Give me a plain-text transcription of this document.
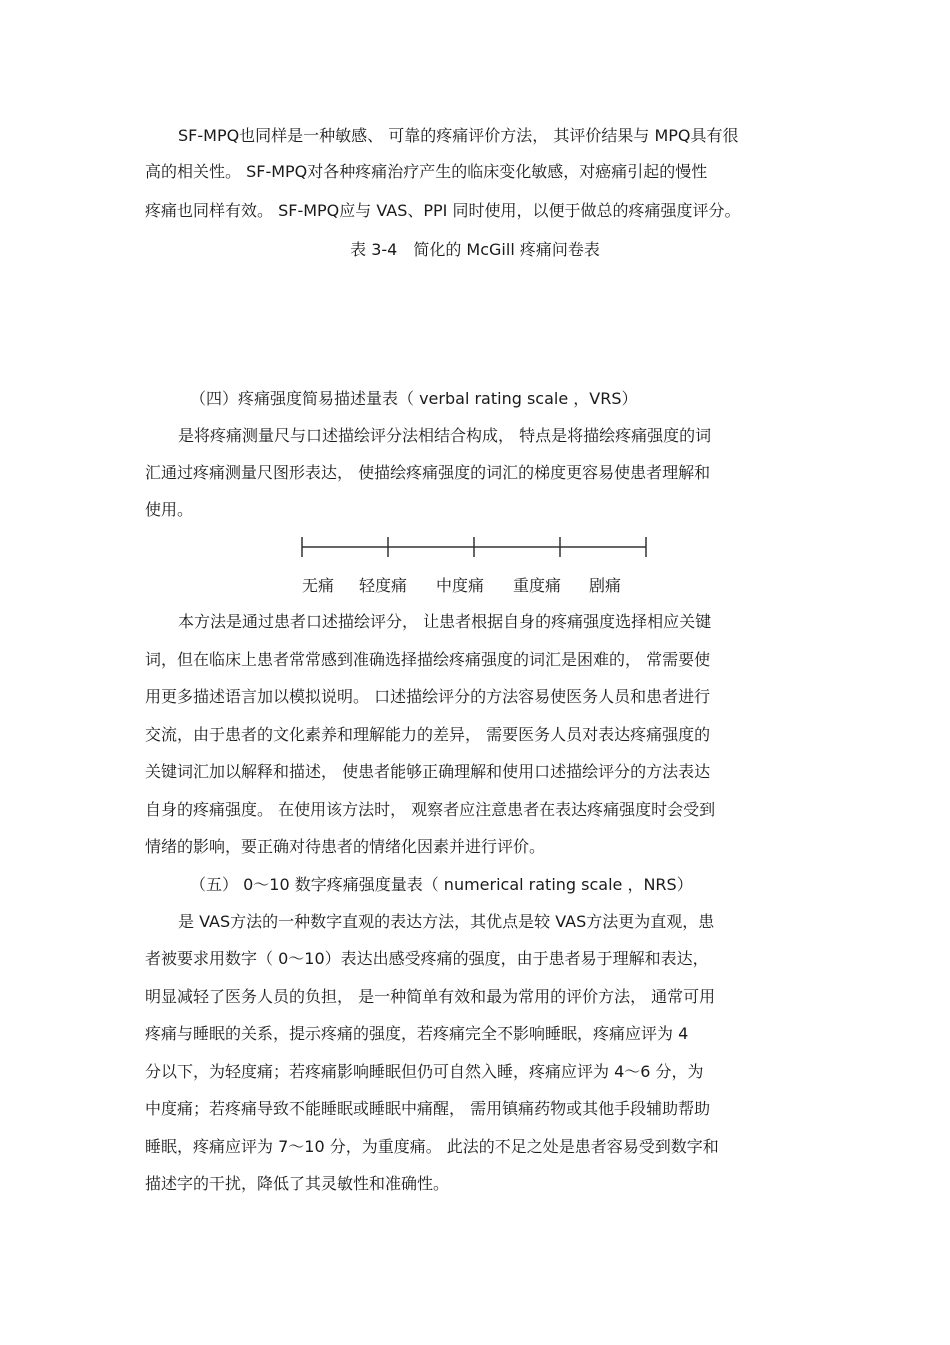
SF-MPQ也同样是一种敏感、 可靠的疼痛评价方法， 其评价结果与 MPQ具有很
高的相关性。 SF-MPQ对各种疼痛治疗产生的临床变化敏感，对癌痛引起的慢性
疼痛也同样有效。 SF-MPQ应与 VAS、PPI 同时使用，以便于做总的疼痛强度评分。
表 3-4　简化的 McGill 疼痛问卷表
（四）疼痛强度简易描述量表（ verbal rating scale ，VRS）
是将疼痛测量尺与口述描绘评分法相结合构成， 特点是将描绘疼痛强度的词
汇通过疼痛测量尺图形表达， 使描绘疼痛强度的词汇的梯度更容易使患者理解和
使用。
无痛 轻度痛 中度痛 重度痛 剧痛
本方法是通过患者口述描绘评分， 让患者根据自身的疼痛强度选择相应关键
词，但在临床上患者常常感到准确选择描绘疼痛强度的词汇是困难的， 常需要使
用更多描述语言加以模拟说明。 口述描绘评分的方法容易使医务人员和患者进行
交流，由于患者的文化素养和理解能力的差异， 需要医务人员对表达疼痛强度的
关键词汇加以解释和描述， 使患者能够正确理解和使用口述描绘评分的方法表达
自身的疼痛强度。 在使用该方法时， 观察者应注意患者在表达疼痛强度时会受到
情绪的影响，要正确对待患者的情绪化因素并进行评价。
（五） 0～10 数字疼痛强度量表（ numerical rating scale ，NRS）
是 VAS方法的一种数字直观的表达方法，其优点是较 VAS方法更为直观，患
者被要求用数字（ 0～10）表达出感受疼痛的强度，由于患者易于理解和表达，
明显减轻了医务人员的负担， 是一种简单有效和最为常用的评价方法， 通常可用
疼痛与睡眠的关系，提示疼痛的强度，若疼痛完全不影响睡眠，疼痛应评为 4
分以下，为轻度痛；若疼痛影响睡眠但仍可自然入睡，疼痛应评为 4～6 分，为
中度痛；若疼痛导致不能睡眠或睡眠中痛醒， 需用镇痛药物或其他手段辅助帮助
睡眠，疼痛应评为 7～10 分，为重度痛。 此法的不足之处是患者容易受到数字和
描述字的干扰，降低了其灵敏性和准确性。
